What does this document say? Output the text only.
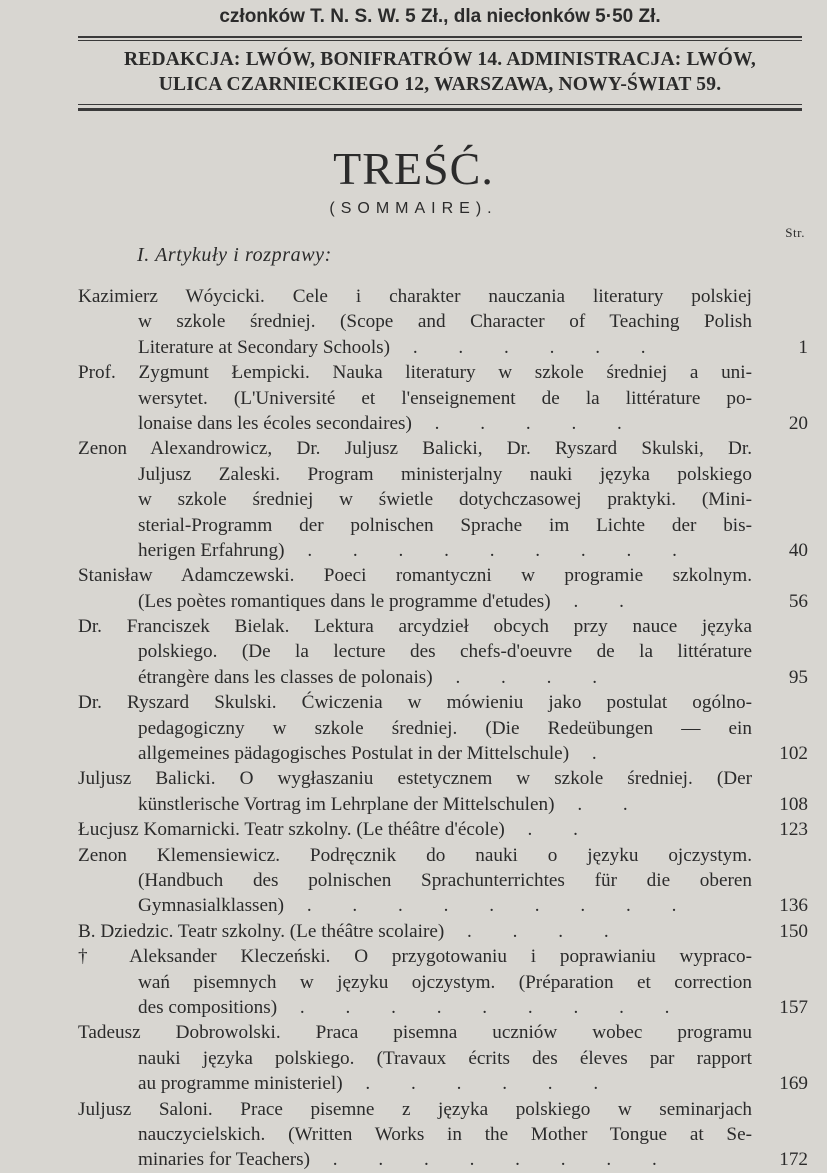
członków T. N. S. W. 5 Zł., dla niecłonków 5·50 Zł.
REDAKCJA: LWÓW, BONIFRATRÓW 14. ADMINISTRACJA: LWÓW,
ULICA CZARNIECKIEGO 12, WARSZAWA, NOWY-ŚWIAT 59.
TREŚĆ.
(SOMMAIRE).
Str.
I. Artykuły i rozprawy:
Kazimierz Wóycicki. Cele i charakter nauczania literatury polskiej
w szkole średniej. (Scope and Character of Teaching Polish
Literature at Secondary Schools) . . . . . .	1
Prof. Zygmunt Łempicki. Nauka literatury w szkole średniej a uni-
wersytet. (L'Université et l'enseignement de la littérature po-
lonaise dans les écoles secondaires) . . . . .	20
Zenon Alexandrowicz, Dr. Juljusz Balicki, Dr. Ryszard Skulski, Dr.
Juljusz Zaleski. Program ministerjalny nauki języka polskiego
w szkole średniej w świetle dotychczasowej praktyki. (Mini-
sterial-Programm der polnischen Sprache im Lichte der bis-
herigen Erfahrung) . . . . . . . . .	40
Stanisław Adamczewski. Poeci romantyczni w programie szkolnym.
(Les poètes romantiques dans le programme d'etudes) . .	56
Dr. Franciszek Bielak. Lektura arcydzieł obcych przy nauce języka
polskiego. (De la lecture des chefs-d'oeuvre de la littérature
étrangère dans les classes de polonais) . . . .	95
Dr. Ryszard Skulski. Ćwiczenia w mówieniu jako postulat ogólno-
pedagogiczny w szkole średniej. (Die Redeübungen — ein
allgemeines pädagogisches Postulat in der Mittelschule) .	102
Juljusz Balicki. O wygłaszaniu estetycznem w szkole średniej. (Der
künstlerische Vortrag im Lehrplane der Mittelschulen) . .	108
Łucjusz Komarnicki. Teatr szkolny. (Le théâtre d'école) . .	123
Zenon Klemensiewicz. Podręcznik do nauki o języku ojczystym.
(Handbuch des polnischen Sprachunterrichtes für die oberen
Gymnasialklassen) . . . . . . . . .	136
B. Dziedzic. Teatr szkolny. (Le théâtre scolaire) . . . .	150
† Aleksander Kleczeński. O przygotowaniu i poprawianiu wypraco-
wań pisemnych w języku ojczystym. (Préparation et correction
des compositions) . . . . . . . . .	157
Tadeusz Dobrowolski. Praca pisemna uczniów wobec programu
nauki języka polskiego. (Travaux écrits des éleves par rapport
au programme ministeriel) . . . . . .	169
Juljusz Saloni. Prace pisemne z języka polskiego w seminarjach
nauczycielskich. (Written Works in the Mother Tongue at Se-
minaries for Teachers) . . . . . . . .	172
